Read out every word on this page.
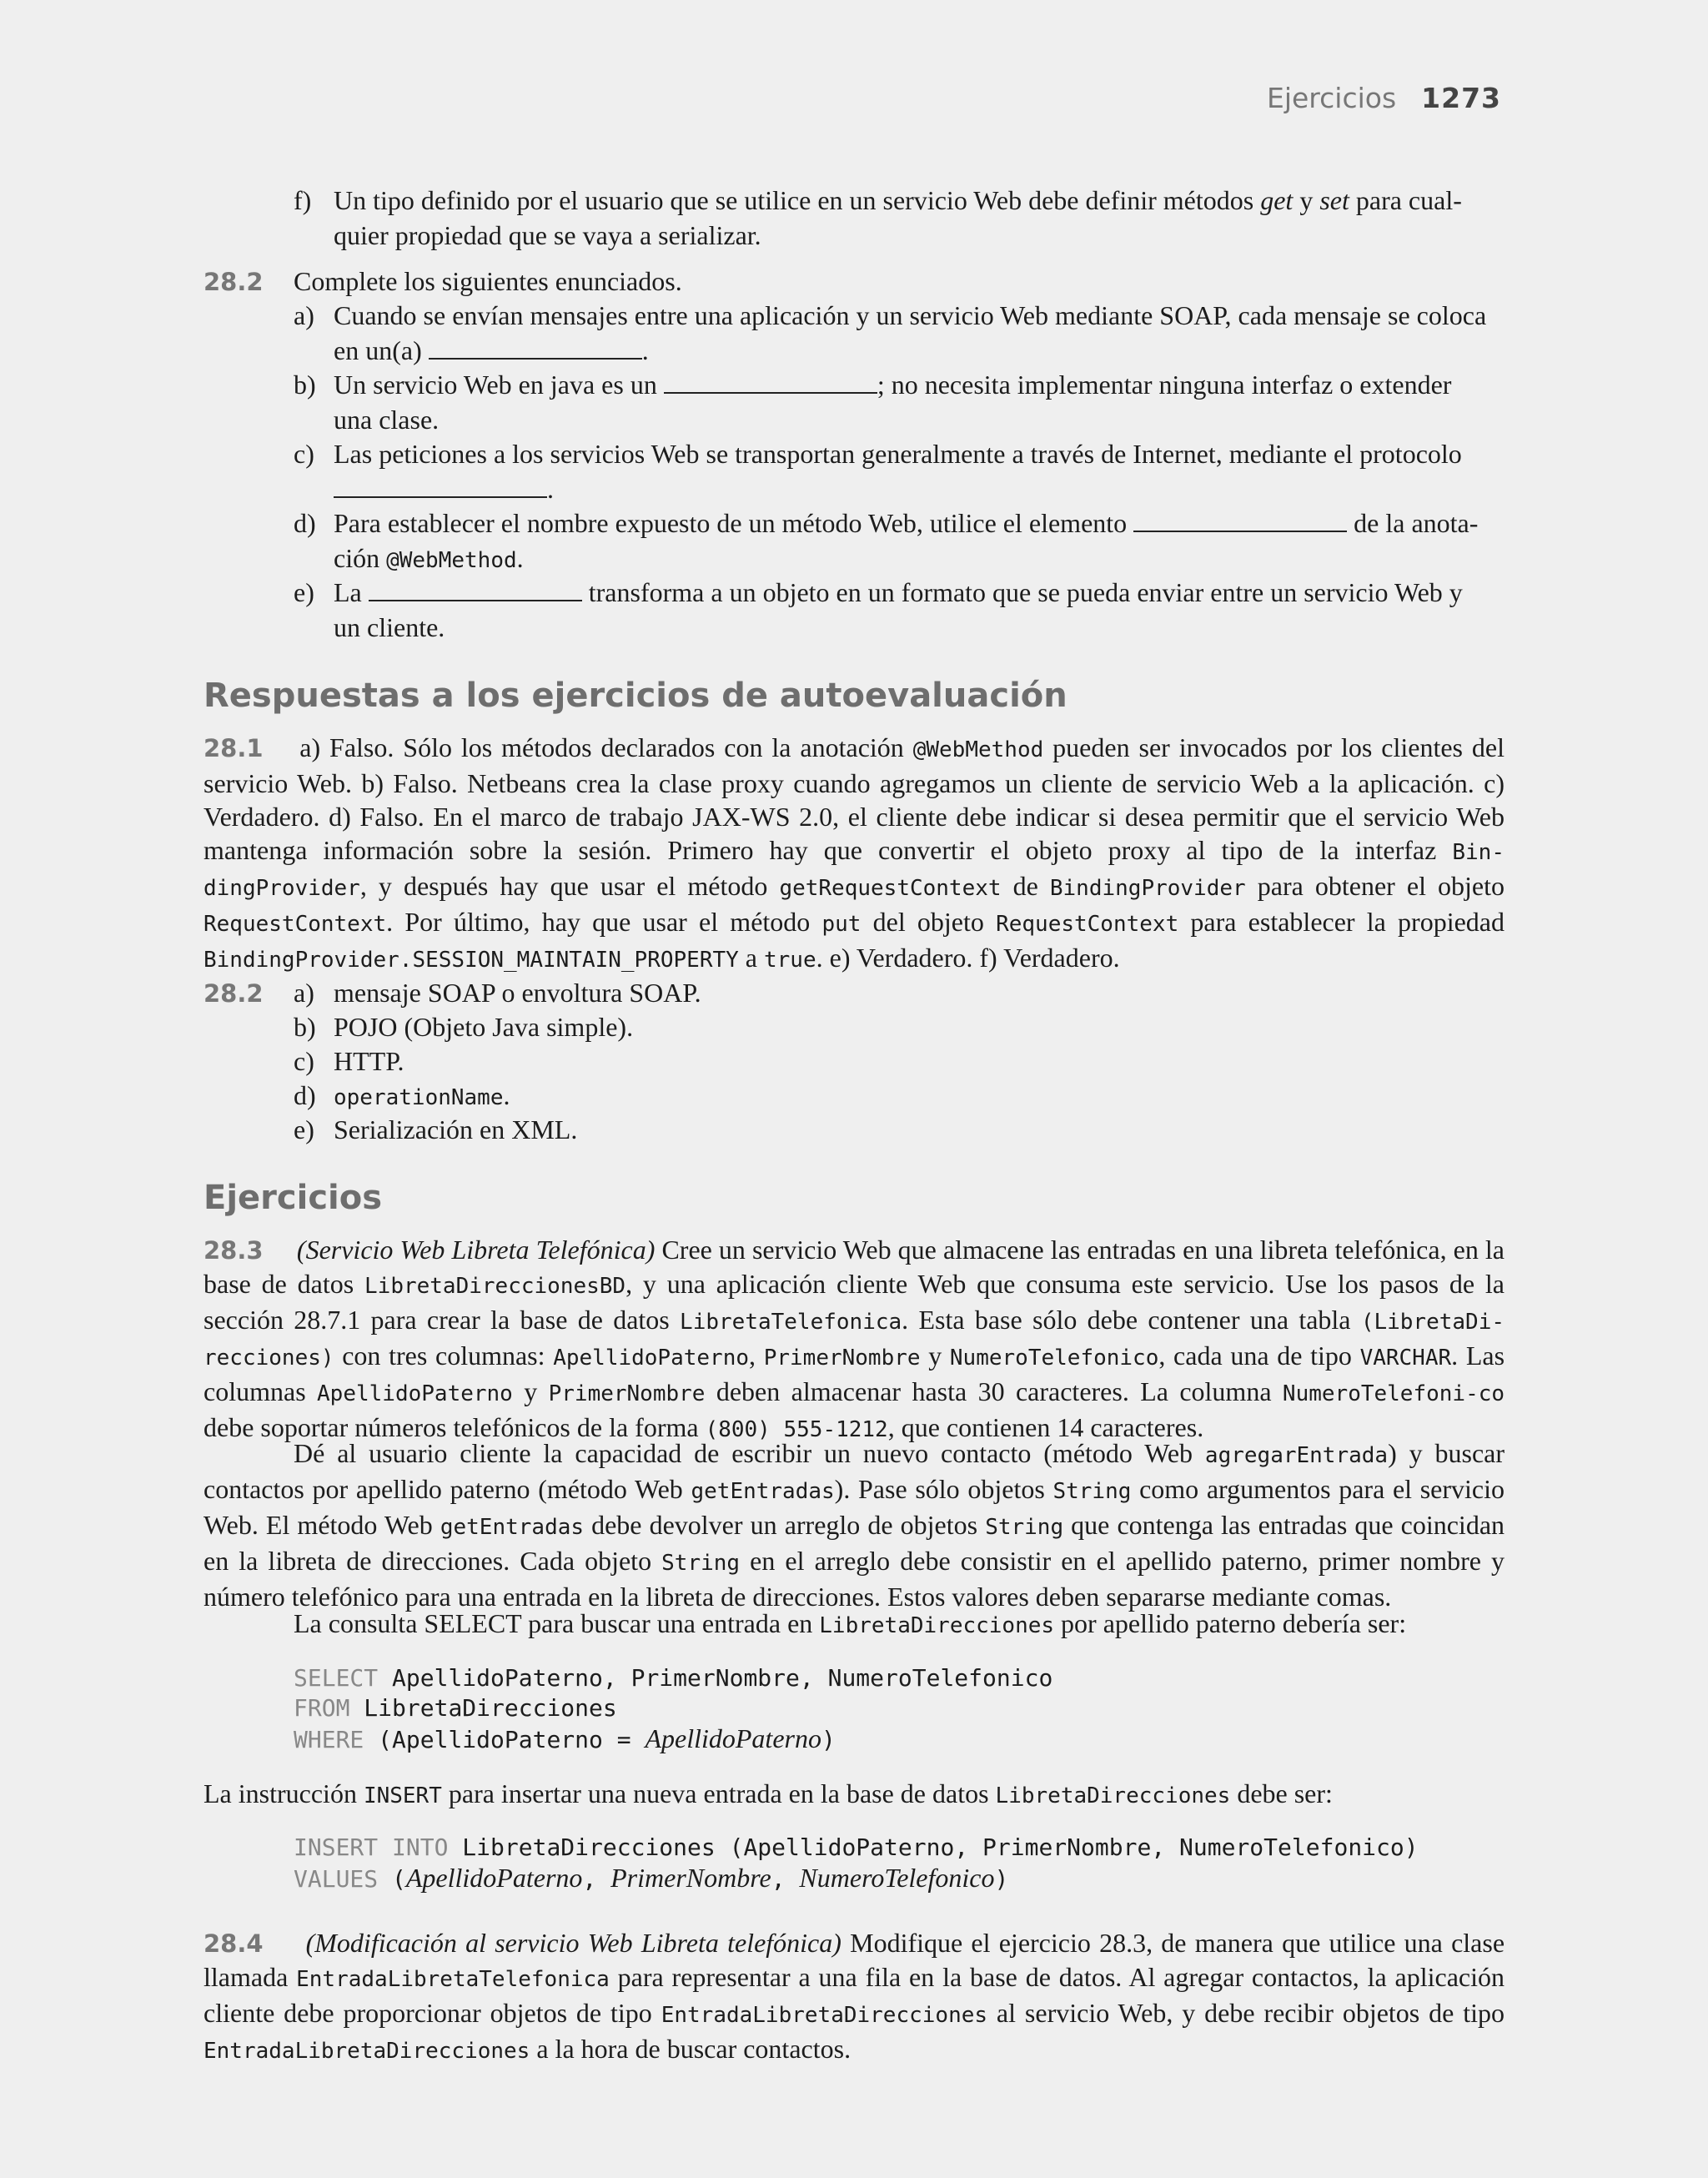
Ejercicios 1273
f) Un tipo definido por el usuario que se utilice en un servicio Web debe definir métodos get y set para cual-
quier propiedad que se vaya a serializar.
28.2 Complete los siguientes enunciados.
a) Cuando se envían mensajes entre una aplicación y un servicio Web mediante SOAP, cada mensaje se coloca
en un(a)	.
b) Un servicio Web en java es un	; no necesita implementar ninguna interfaz o extender
una clase.
c) Las peticiones a los servicios Web se transportan generalmente a través de Internet, mediante el protocolo
.
d) Para establecer el nombre expuesto de un método Web, utilice el elemento	de la anota-
ción @WebMethod.
e) La	transforma a un objeto en un formato que se pueda enviar entre un servicio Web y
un cliente.
Respuestas a los ejercicios de autoevaluación
28.1 a) Falso. Sólo los métodos declarados con la anotación @WebMethod pueden ser invocados por los clientes del servicio Web. b) Falso. Netbeans crea la clase proxy cuando agregamos un cliente de servicio Web a la aplicación. c) Verdadero. d) Falso. En el marco de trabajo JAX-WS 2.0, el cliente debe indicar si desea permitir que el servicio Web mantenga información sobre la sesión. Primero hay que convertir el objeto proxy al tipo de la interfaz Bin-dingProvider, y después hay que usar el método getRequestContext de BindingProvider para obtener el objeto RequestContext. Por último, hay que usar el método put del objeto RequestContext para establecer la propiedad BindingProvider.SESSION_MAINTAIN_PROPERTY a true. e) Verdadero. f) Verdadero.
28.2 a) mensaje SOAP o envoltura SOAP.
b) POJO (Objeto Java simple).
c) HTTP.
d) operationName.
e) Serialización en XML.
Ejercicios
28.3 (Servicio Web Libreta Telefónica) Cree un servicio Web que almacene las entradas en una libreta telefónica, en la base de datos LibretaDireccionesBD, y una aplicación cliente Web que consuma este servicio. Use los pasos de la sección 28.7.1 para crear la base de datos LibretaTelefonica. Esta base sólo debe contener una tabla (LibretaDi-recciones) con tres columnas: ApellidoPaterno, PrimerNombre y NumeroTelefonico, cada una de tipo VARCHAR. Las columnas ApellidoPaterno y PrimerNombre deben almacenar hasta 30 caracteres. La columna NumeroTelefoni-co debe soportar números telefónicos de la forma (800) 555-1212, que contienen 14 caracteres.
Dé al usuario cliente la capacidad de escribir un nuevo contacto (método Web agregarEntrada) y buscar contactos por apellido paterno (método Web getEntradas). Pase sólo objetos String como argumentos para el servicio Web. El método Web getEntradas debe devolver un arreglo de objetos String que contenga las entradas que coincidan en la libreta de direcciones. Cada objeto String en el arreglo debe consistir en el apellido paterno, primer nombre y número telefónico para una entrada en la libreta de direcciones. Estos valores deben separarse mediante comas.
La consulta SELECT para buscar una entrada en LibretaDirecciones por apellido paterno debería ser:
SELECT ApellidoPaterno, PrimerNombre, NumeroTelefonico
FROM LibretaDirecciones
WHERE (ApellidoPaterno = ApellidoPaterno)
La instrucción INSERT para insertar una nueva entrada en la base de datos LibretaDirecciones debe ser:
INSERT INTO LibretaDirecciones (ApellidoPaterno, PrimerNombre, NumeroTelefonico)
VALUES (ApellidoPaterno, PrimerNombre, NumeroTelefonico)
28.4 (Modificación al servicio Web Libreta telefónica) Modifique el ejercicio 28.3, de manera que utilice una clase llamada EntradaLibretaTelefonica para representar a una fila en la base de datos. Al agregar contactos, la aplicación cliente debe proporcionar objetos de tipo EntradaLibretaDirecciones al servicio Web, y debe recibir objetos de tipo EntradaLibretaDirecciones a la hora de buscar contactos.
